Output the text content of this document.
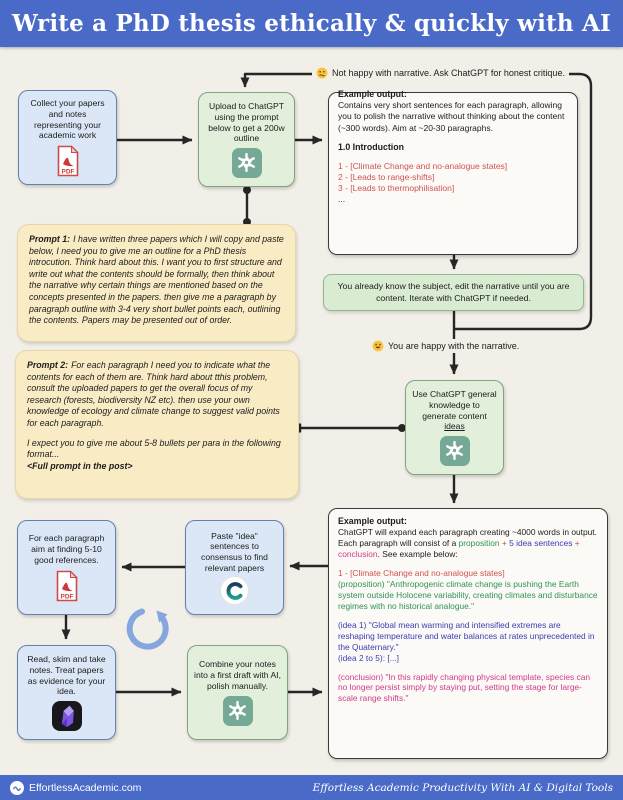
Write a PhD thesis ethically & quickly with AI
Collect your papers and notes representing your academic work
PDF
Upload to ChatGPT using the prompt below to get a 200w outline
Not happy with narrative. Ask ChatGPT for honest critique.
Example output:
Contains very short sentences for each paragraph, allowing you to polish the narrative without thinking about the content (~300 words). Aim at ~20-30 paragraphs.
1.0 Introduction
1 - [Climate Change and no-analogue states]
2 - [Leads to range-shifts]
3 - [Leads to thermophilisation]
...
You already know the subject, edit the narrative until you are content. Iterate with ChatGPT if needed.
You are happy with the narrative.
Prompt 1: I have written three papers which I will copy and paste below, I need you to give me an outline for a PhD thesis introcution. Think hard about this. I want you to first structure and write out what the contents should be formally, then think about the narrative why certain things are mentioned based on the concepts presented in the papers. then give me a paragraph by paragraph outline with 3-4 very short bullet points each, outlining the contents. Papers may be presented out of order.
Prompt 2: For each paragraph I need you to indicate what the contents for each of them are. Think hard about tthis problem, consult the uploaded papers to get the overall focus of my research (forests, biodiversity NZ etc). then use your own knowledge of ecology and climate change to suggest valid points for each paragraph.
I expect you to give me about 5-8 bullets per para in the following format...
<Full prompt in the post>
Use ChatGPT general knowledge to generate content ideas
Example output:
ChatGPT will expand each paragraph creating ~4000 words in output. Each paragraph will consist of a proposition + 5 idea sentences + conclusion. See example below:
1 - [Climate Change and no-analogue states]
(proposition) "Anthropogenic climate change is pushing the Earth system outside Holocene variability, creating climates and disturbance regimes with no historical analogue."
(idea 1) "Global mean warming and intensified extremes are reshaping temperature and water balances at rates unprecedented in the Quaternary."
(idea 2 to 5): [...]
(conclusion) "In this rapidly changing physical template, species can no longer persist simply by staying put, setting the stage for large-scale range shifts."
For each paragraph aim at finding 5-10 good references.
PDF
Paste "idea" sentences to consensus to find relevant papers
Read, skim and take notes. Treat papers as evidence for your idea.
Combine your notes into a first draft with AI, polish manually.
EffortlessAcademic.com	Effortless Academic Productivity With AI & Digital Tools
